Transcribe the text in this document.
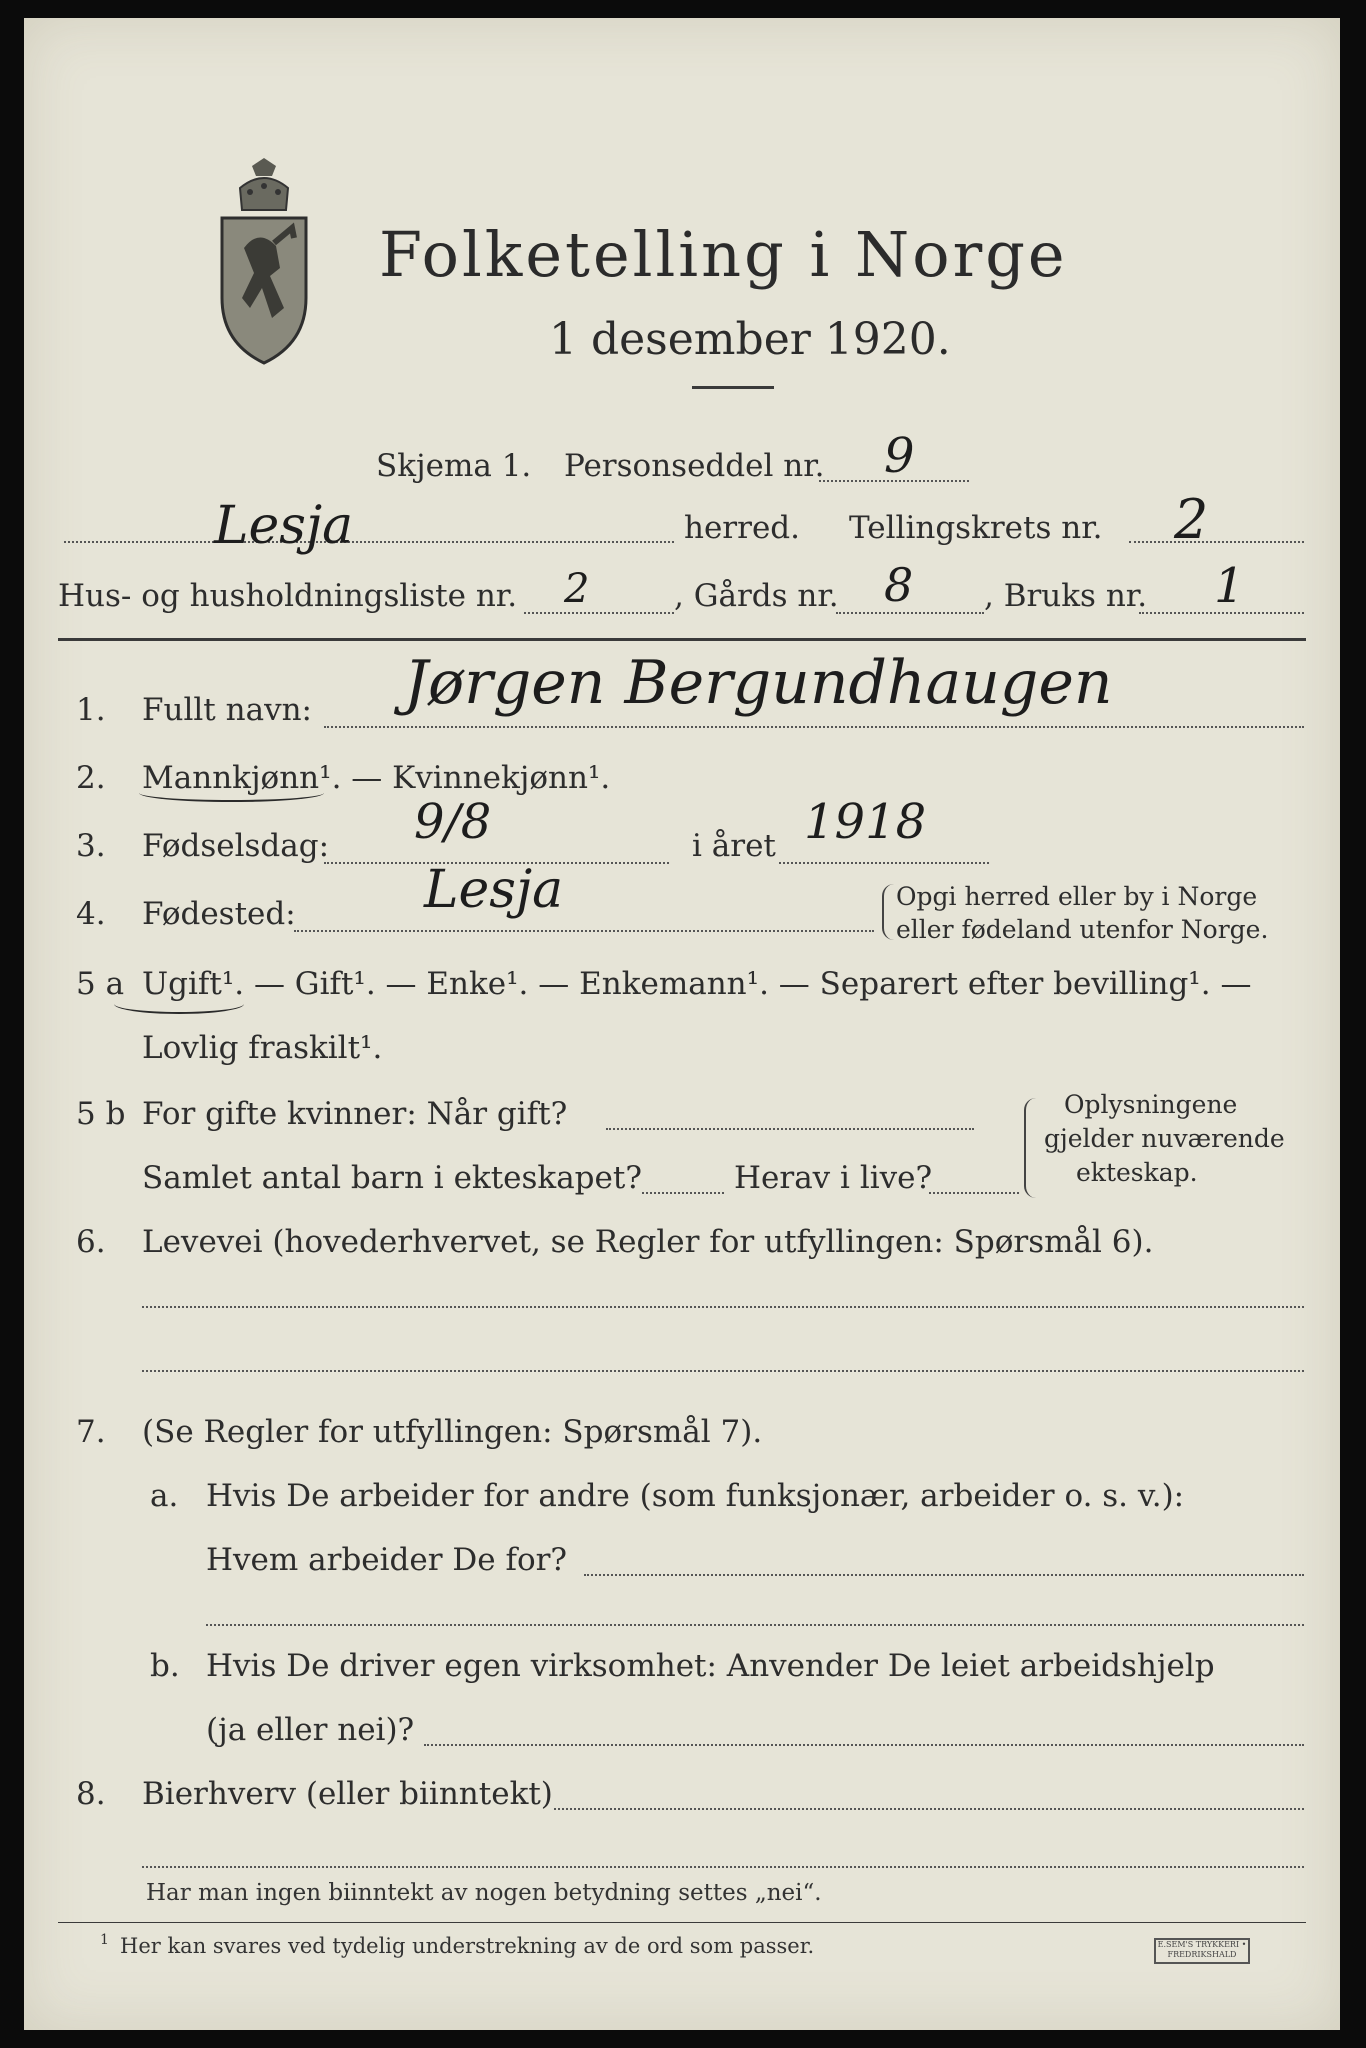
Folketelling i Norge
1 desember 1920.
Skjema 1. Personseddel nr. 9
Lesja	herred. Tellingskrets nr. 2
Hus- og husholdningsliste nr. 2	, Gårds nr. 8 , Bruks nr. 1
1. Fullt navn: Jørgen Bergundhaugen
2. Mannkjønn¹. — Kvinnekjønn¹.
3. Fødselsdag: 9/8	i året 1918
4. Fødested: Lesja	Opgi herred eller by i Norge
eller fødeland utenfor Norge.
5 a Ugift¹. — Gift¹. — Enke¹. — Enkemann¹. — Separert efter bevilling¹. —
Lovlig fraskilt¹.
5 b For gifte kvinner: Når gift?
Samlet antal barn i ekteskapet?	Herav i live?
Oplysningene
gjelder nuværende
ekteskap.
6. Levevei (hovederhvervet, se Regler for utfyllingen: Spørsmål 6).
7. (Se Regler for utfyllingen: Spørsmål 7).
a. Hvis De arbeider for andre (som funksjonær, arbeider o. s. v.):
Hvem arbeider De for?
b. Hvis De driver egen virksomhet: Anvender De leiet arbeidshjelp
(ja eller nei)?
8. Bierhverv (eller biinntekt)
Har man ingen biinntekt av nogen betydning settes „nei“.
1 Her kan svares ved tydelig understrekning av de ord som passer.	E.SEM'S TRYKKERI • FREDRIKSHALD
